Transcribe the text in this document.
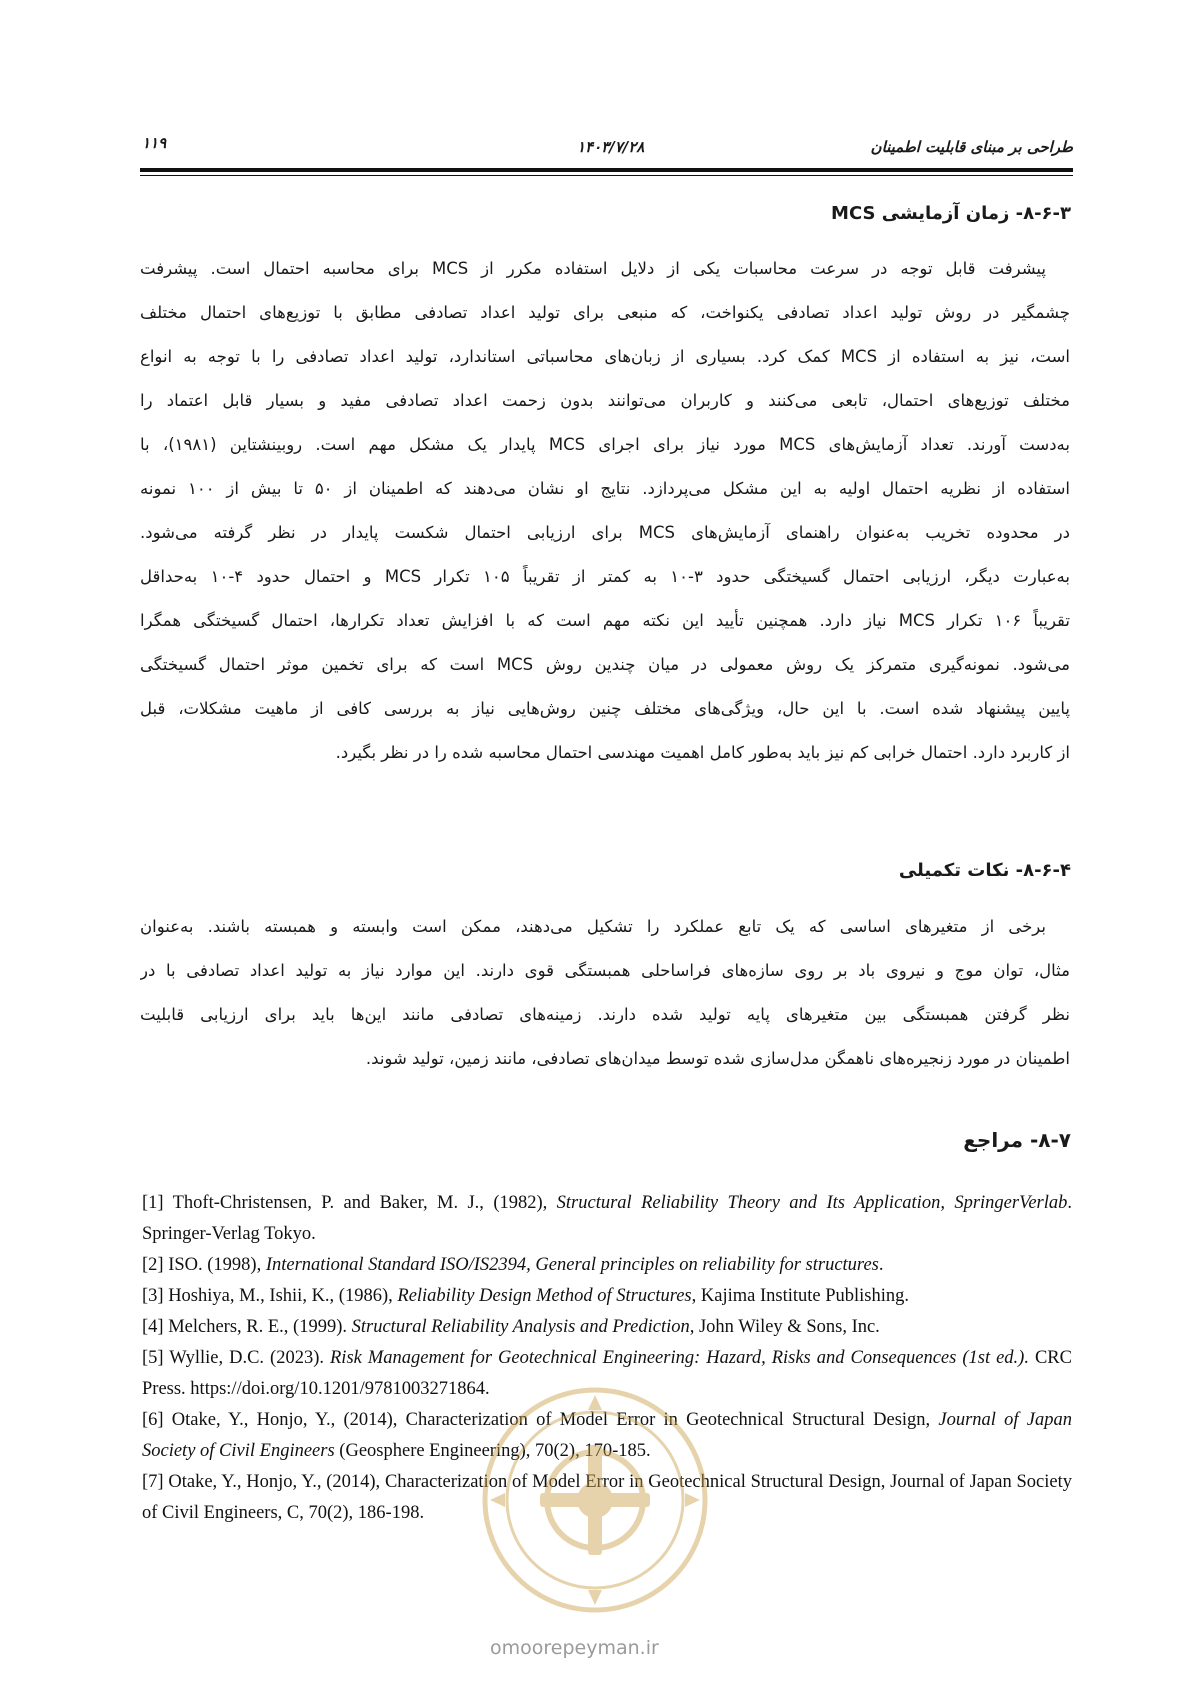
طراحی بر مبنای قابلیت اطمینان
۱۴۰۳/۷/۲۸
۱۱۹
۸-۶-۳- زمان آزمایشی MCS
پیشرفت قابل توجه در سرعت محاسبات یکی از دلایل استفاده مکرر از MCS برای محاسبه احتمال است. پیشرفت
چشمگیر در روش تولید اعداد تصادفی یکنواخت، که منبعی برای تولید اعداد تصادفی مطابق با توزیع‌های احتمال مختلف
است، نیز به استفاده از MCS کمک کرد. بسیاری از زبان‌های محاسباتی استاندارد، تولید اعداد تصادفی را با توجه به انواع
مختلف توزیع‌های احتمال، تابعی می‌کنند و کاربران می‌توانند بدون زحمت اعداد تصادفی مفید و بسیار قابل اعتماد را
به‌دست آورند. تعداد آزمایش‌های MCS مورد نیاز برای اجرای MCS پایدار یک مشکل مهم است. روبینشتاین (۱۹۸۱)، با
استفاده از نظریه احتمال اولیه به این مشکل می‌پردازد. نتایج او نشان می‌دهند که اطمینان از ۵۰ تا بیش از ۱۰۰ نمونه
در محدوده تخریب به‌عنوان راهنمای آزمایش‌های MCS برای ارزیابی احتمال شکست پایدار در نظر گرفته می‌شود.
به‌عبارت دیگر، ارزیابی احتمال گسیختگی حدود ۳-۱۰ به کمتر از تقریباً ۱۰۵ تکرار MCS و احتمال حدود ۴-۱۰ به‌حداقل
تقریباً ۱۰۶ تکرار MCS نیاز دارد. همچنین تأیید این نکته مهم است که با افزایش تعداد تکرارها، احتمال گسیختگی همگرا
می‌شود. نمونه‌گیری متمرکز یک روش معمولی در میان چندین روش MCS است که برای تخمین موثر احتمال گسیختگی
پایین پیشنهاد شده است. با این حال، ویژگی‌های مختلف چنین روش‌هایی نیاز به بررسی کافی از ماهیت مشکلات، قبل
از کاربرد دارد. احتمال خرابی کم نیز باید به‌طور کامل اهمیت مهندسی احتمال محاسبه شده را در نظر بگیرد.
۸-۶-۴- نکات تکمیلی
برخی از متغیرهای اساسی که یک تابع عملکرد را تشکیل می‌دهند، ممکن است وابسته و همبسته باشند. به‌عنوان
مثال، توان موج و نیروی باد بر روی سازه‌های فراساحلی همبستگی قوی دارند. این موارد نیاز به تولید اعداد تصادفی با در
نظر گرفتن همبستگی بین متغیرهای پایه تولید شده دارند. زمینه‌های تصادفی مانند این‌ها باید برای ارزیابی قابلیت
اطمینان در مورد زنجیره‌های ناهمگن مدل‌سازی شده توسط میدان‌های تصادفی، مانند زمین، تولید شوند.
۸-۷- مراجع

[1] Thoft-Christensen, P. and Baker, M. J., (1982), Structural Reliability Theory and Its Application, SpringerVerlab. Springer-Verlag Tokyo.

[2] ISO. (1998), International Standard ISO/IS2394, General principles on reliability for structures.

[3] Hoshiya, M., Ishii, K., (1986), Reliability Design Method of Structures, Kajima Institute Publishing.

[4] Melchers, R. E., (1999). Structural Reliability Analysis and Prediction, John Wiley & Sons, Inc.

[5] Wyllie, D.C. (2023). Risk Management for Geotechnical Engineering: Hazard, Risks and Consequences (1st ed.). CRC Press. https://doi.org/10.1201/9781003271864.

[6] Otake, Y., Honjo, Y., (2014), Characterization of Model Error in Geotechnical Structural Design, Journal of Japan Society of Civil Engineers (Geosphere Engineering), 70(2), 170-185.

[7] Otake, Y., Honjo, Y., (2014), Characterization of Model Error in Geotechnical Structural Design, Journal of Japan Society of Civil Engineers, C, 70(2), 186-198.

omoorepeyman.ir
